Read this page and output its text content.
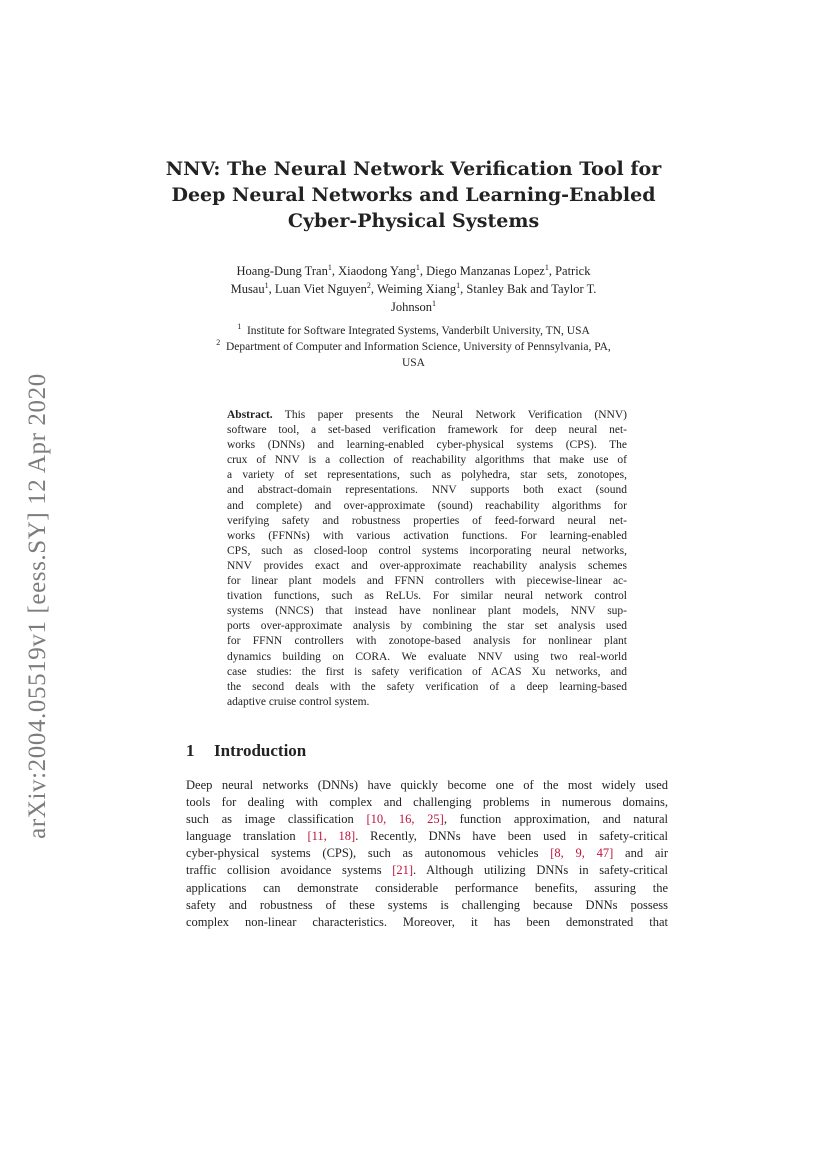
arXiv:2004.05519v1 [eess.SY] 12 Apr 2020
NNV: The Neural Network Verification Tool for
Deep Neural Networks and Learning-Enabled
Cyber-Physical Systems
Hoang-Dung Tran$^1$, Xiaodong Yang$^1$, Diego Manzanas Lopez$^1$, Patrick
Musau$^1$, Luan Viet Nguyen$^2$, Weiming Xiang$^1$, Stanley Bak and Taylor T.
Johnson$^1$
$^1$ Institute for Software Integrated Systems, Vanderbilt University, TN, USA
$^2$ Department of Computer and Information Science, University of Pennsylvania, PA,
USA
Abstract. This paper presents the Neural Network Verification (NNV)
software tool, a set-based verification framework for deep neural net-
works (DNNs) and learning-enabled cyber-physical systems (CPS). The
crux of NNV is a collection of reachability algorithms that make use of
a variety of set representations, such as polyhedra, star sets, zonotopes,
and abstract-domain representations. NNV supports both exact (sound
and complete) and over-approximate (sound) reachability algorithms for
verifying safety and robustness properties of feed-forward neural net-
works (FFNNs) with various activation functions. For learning-enabled
CPS, such as closed-loop control systems incorporating neural networks,
NNV provides exact and over-approximate reachability analysis schemes
for linear plant models and FFNN controllers with piecewise-linear ac-
tivation functions, such as ReLUs. For similar neural network control
systems (NNCS) that instead have nonlinear plant models, NNV sup-
ports over-approximate analysis by combining the star set analysis used
for FFNN controllers with zonotope-based analysis for nonlinear plant
dynamics building on CORA. We evaluate NNV using two real-world
case studies: the first is safety verification of ACAS Xu networks, and
the second deals with the safety verification of a deep learning-based
adaptive cruise control system.
1 Introduction
Deep neural networks (DNNs) have quickly become one of the most widely used
tools for dealing with complex and challenging problems in numerous domains,
such as image classification [10, 16, 25], function approximation, and natural
language translation [11, 18]. Recently, DNNs have been used in safety-critical
cyber-physical systems (CPS), such as autonomous vehicles [8, 9, 47] and air
traffic collision avoidance systems [21]. Although utilizing DNNs in safety-critical
applications can demonstrate considerable performance benefits, assuring the
safety and robustness of these systems is challenging because DNNs possess
complex non-linear characteristics. Moreover, it has been demonstrated that
